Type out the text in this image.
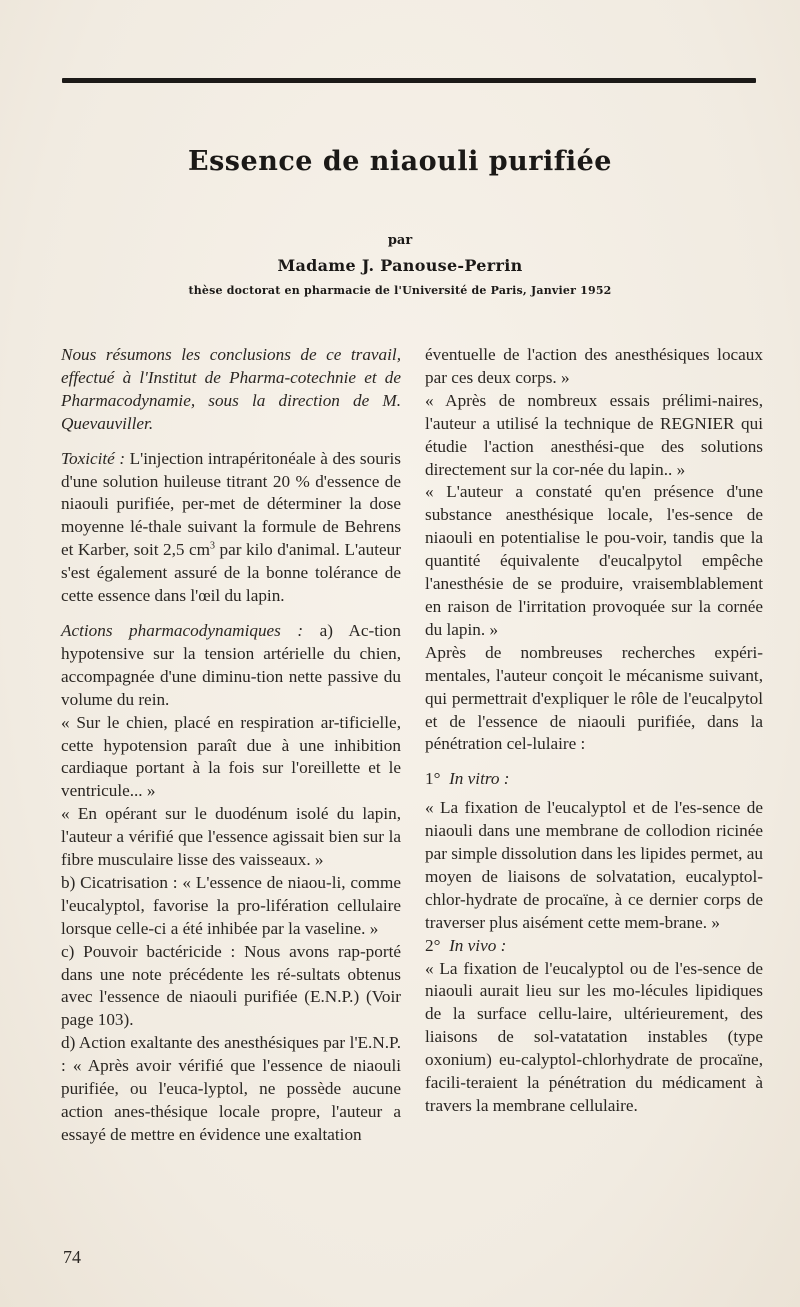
Essence de niaouli purifiée
par
Madame J. Panouse-Perrin
thèse doctorat en pharmacie de l'Université de Paris, Janvier 1952

Nous résumons les conclusions de ce travail, effectué à l'Institut de Pharma-cotechnie et de Pharmacodynamie, sous la direction de M. Quevauviller.

Toxicité : L'injection intrapéritonéale à des souris d'une solution huileuse titrant 20 % d'essence de niaouli purifiée, per-met de déterminer la dose moyenne lé-thale suivant la formule de Behrens et Karber, soit 2,5 $cm^3$ par kilo d'animal. L'auteur s'est également assuré de la bonne tolérance de cette essence dans l'œil du lapin.

Actions pharmacodynamiques : a) Ac-tion hypotensive sur la tension artérielle du chien, accompagnée d'une diminu-tion nette passive du volume du rein.

« Sur le chien, placé en respiration ar-tificielle, cette hypotension paraît due à une inhibition cardiaque portant à la fois sur l'oreillette et le ventricule... »

« En opérant sur le duodénum isolé du lapin, l'auteur a vérifié que l'essence agissait bien sur la fibre musculaire lisse des vaisseaux. »

b) Cicatrisation : « L'essence de niaou-li, comme l'eucalyptol, favorise la pro-lifération cellulaire lorsque celle-ci a été inhibée par la vaseline. »

c) Pouvoir bactéricide : Nous avons rap-porté dans une note précédente les ré-sultats obtenus avec l'essence de niaouli purifiée (E.N.P.) (Voir page 103).

d) Action exaltante des anesthésiques par l'E.N.P. : « Après avoir vérifié que l'essence de niaouli purifiée, ou l'euca-lyptol, ne possède aucune action anes-thésique locale propre, l'auteur a essayé de mettre en évidence une exaltation

éventuelle de l'action des anesthésiques locaux par ces deux corps. »

« Après de nombreux essais prélimi-naires, l'auteur a utilisé la technique de REGNIER qui étudie l'action anesthési-que des solutions directement sur la cor-née du lapin.. »

« L'auteur a constaté qu'en présence d'une substance anesthésique locale, l'es-sence de niaouli en potentialise le pou-voir, tandis que la quantité équivalente d'eucalpytol empêche l'anesthésie de se produire, vraisemblablement en raison de l'irritation provoquée sur la cornée du lapin. »

Après de nombreuses recherches expéri-mentales, l'auteur conçoit le mécanisme suivant, qui permettrait d'expliquer le rôle de l'eucalpytol et de l'essence de niaouli purifiée, dans la pénétration cel-lulaire :

1° In vitro :

« La fixation de l'eucalyptol et de l'es-sence de niaouli dans une membrane de collodion ricinée par simple dissolution dans les lipides permet, au moyen de liaisons de solvatation, eucalyptol-chlor-hydrate de procaïne, à ce dernier corps de traverser plus aisément cette mem-brane. »

2° In vivo :

« La fixation de l'eucalyptol ou de l'es-sence de niaouli aurait lieu sur les mo-lécules lipidiques de la surface cellu-laire, ultérieurement, des liaisons de sol-vatatation instables (type oxonium) eu-calyptol-chlorhydrate de procaïne, facili-teraient la pénétration du médicament à travers la membrane cellulaire.

74
